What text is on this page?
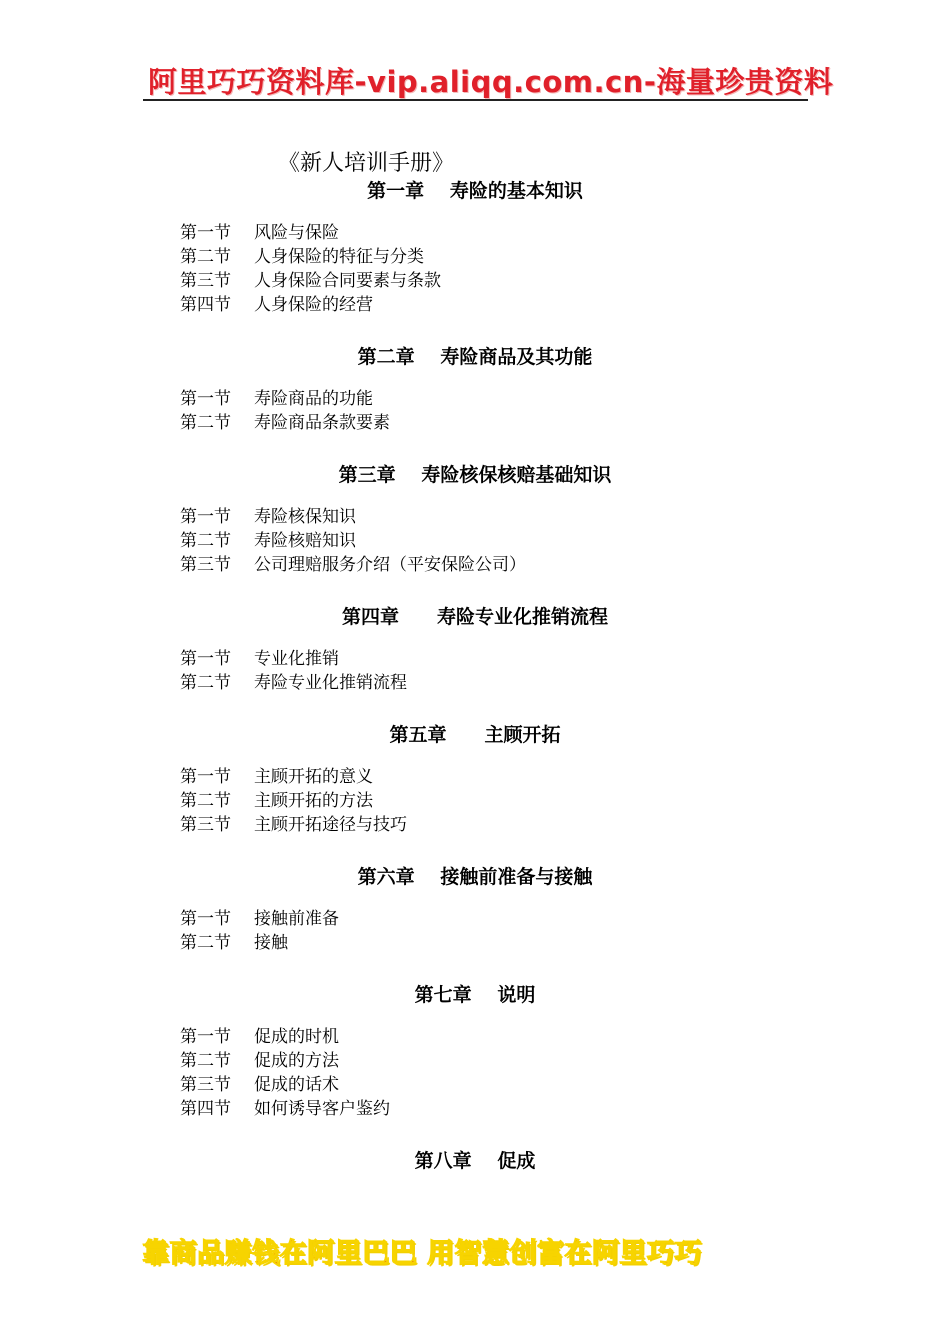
阿里巧巧资料库-vip.aliqq.com.cn-海量珍贵资料
《新人培训手册》
第一章　 寿险的基本知识
第一节 风险与保险
第二节 人身保险的特征与分类
第三节 人身保险合同要素与条款
第四节 人身保险的经营
第二章　 寿险商品及其功能
第一节 寿险商品的功能
第二节 寿险商品条款要素
第三章　 寿险核保核赔基础知识
第一节 寿险核保知识
第二节 寿险核赔知识
第三节 公司理赔服务介绍（平安保险公司）
第四章　　 寿险专业化推销流程
第一节 专业化推销
第二节 寿险专业化推销流程
第五章　　 主顾开拓
第一节 主顾开拓的意义
第二节 主顾开拓的方法
第三节 主顾开拓途径与技巧
第六章　 接触前准备与接触
第一节 接触前准备
第二节 接触
第七章　 说明
第一节 促成的时机
第二节 促成的方法
第三节 促成的话术
第四节 如何诱导客户鉴约
第八章　 促成
靠商品赚钱在阿里巴巴 用智慧创富在阿里巧巧
